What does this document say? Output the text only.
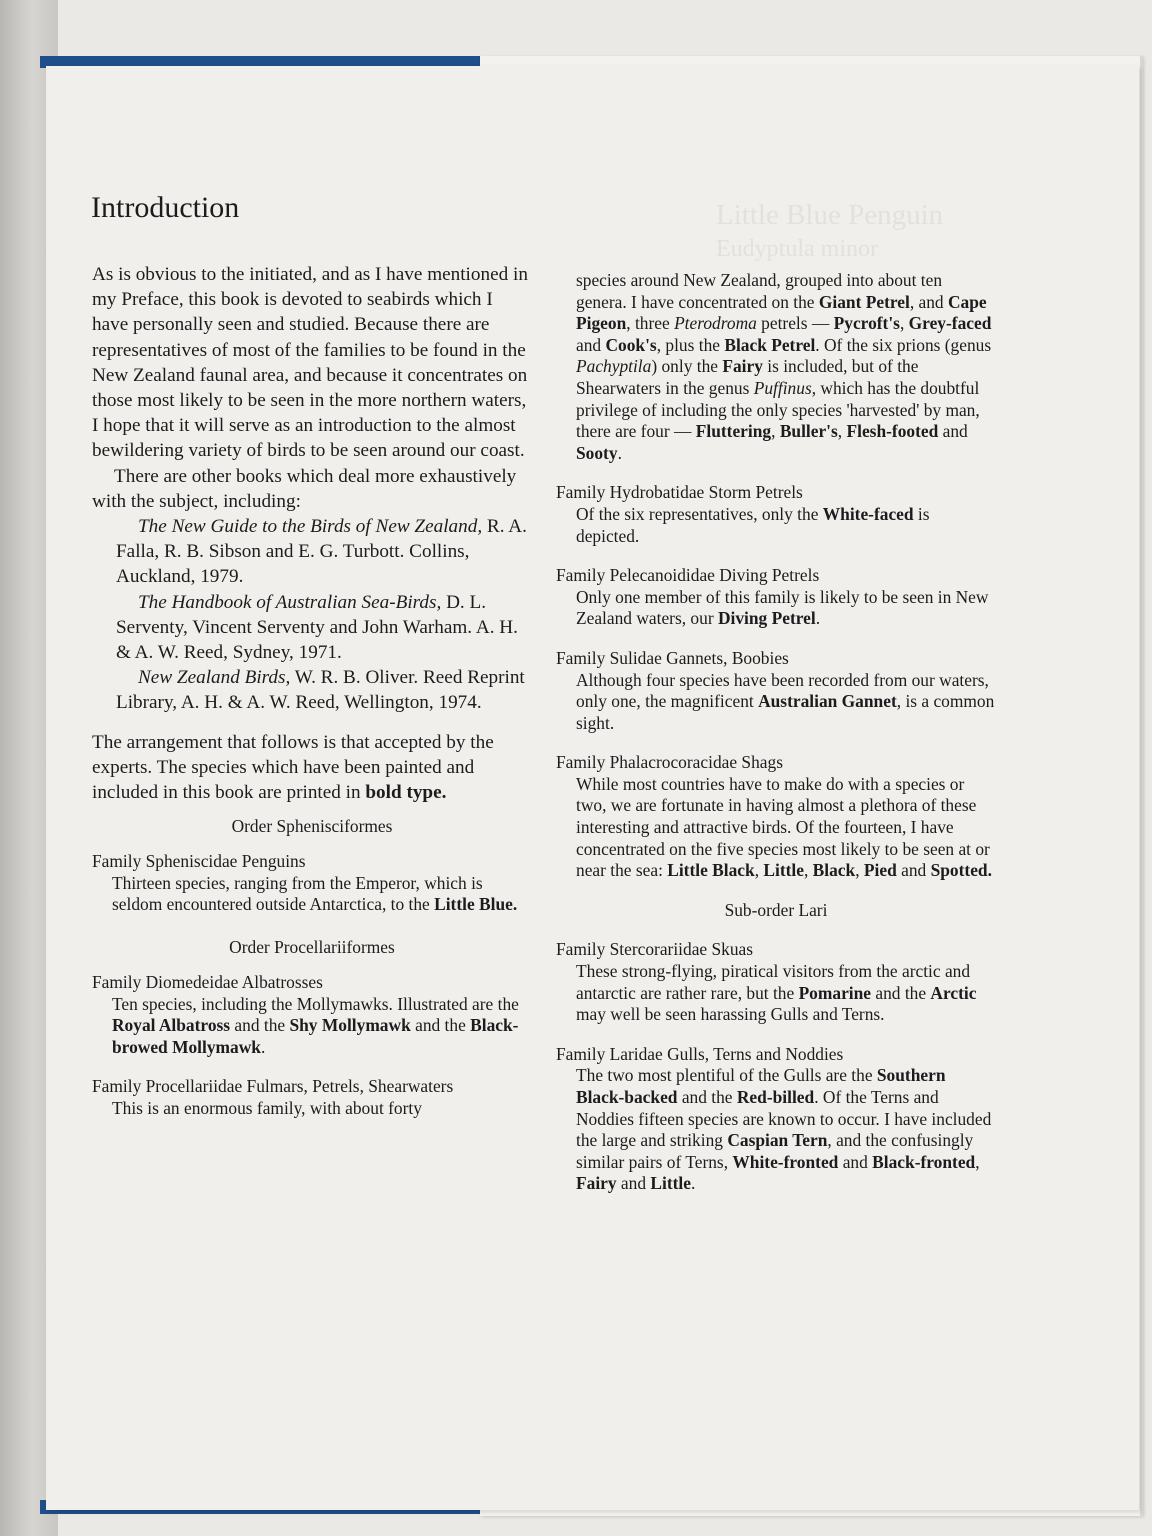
Little Blue Penguin
Eudyptula minor
Introduction

As is obvious to the initiated, and as I have mentioned in my Preface, this book is devoted to seabirds which I have personally seen and studied. Because there are representatives of most of the families to be found in the New Zealand faunal area, and because it concentrates on those most likely to be seen in the more northern waters, I hope that it will serve as an introduction to the almost bewildering variety of birds to be seen around our coast.

There are other books which deal more exhaustively with the subject, including:

The New Guide to the Birds of New Zealand, R. A. Falla, R. B. Sibson and E. G. Turbott. Collins, Auckland, 1979.

The Handbook of Australian Sea-Birds, D. L. Serventy, Vincent Serventy and John Warham. A. H. & A. W. Reed, Sydney, 1971.

New Zealand Birds, W. R. B. Oliver. Reed Reprint Library, A. H. & A. W. Reed, Wellington, 1974.

The arrangement that follows is that accepted by the experts. The species which have been painted and included in this book are printed in bold type.

Order Sphenisciformes
Family Spheniscidae Penguins
Thirteen species, ranging from the Emperor, which is seldom encountered outside Antarctica, to the Little Blue.
Order Procellariiformes
Family Diomedeidae Albatrosses
Ten species, including the Mollymawks. Illustrated are the Royal Albatross and the Shy Mollymawk and the Black-browed Mollymawk.
Family Procellariidae Fulmars, Petrels, Shearwaters
This is an enormous family, with about forty
species around New Zealand, grouped into about ten genera. I have concentrated on the Giant Petrel, and Cape Pigeon, three Pterodroma petrels — Pycroft's, Grey-faced and Cook's, plus the Black Petrel. Of the six prions (genus Pachyptila) only the Fairy is included, but of the Shearwaters in the genus Puffinus, which has the doubtful privilege of including the only species 'harvested' by man, there are four — Fluttering, Buller's, Flesh-footed and Sooty.
Family Hydrobatidae Storm Petrels
Of the six representatives, only the White-faced is depicted.
Family Pelecanoididae Diving Petrels
Only one member of this family is likely to be seen in New Zealand waters, our Diving Petrel.
Family Sulidae Gannets, Boobies
Although four species have been recorded from our waters, only one, the magnificent Australian Gannet, is a common sight.
Family Phalacrocoracidae Shags
While most countries have to make do with a species or two, we are fortunate in having almost a plethora of these interesting and attractive birds. Of the fourteen, I have concentrated on the five species most likely to be seen at or near the sea: Little Black, Little, Black, Pied and Spotted.
Sub-order Lari
Family Stercorariidae Skuas
These strong-flying, piratical visitors from the arctic and antarctic are rather rare, but the Pomarine and the Arctic may well be seen harassing Gulls and Terns.
Family Laridae Gulls, Terns and Noddies
The two most plentiful of the Gulls are the Southern Black-backed and the Red-billed. Of the Terns and Noddies fifteen species are known to occur. I have included the large and striking Caspian Tern, and the confusingly similar pairs of Terns, White-fronted and Black-fronted, Fairy and Little.
